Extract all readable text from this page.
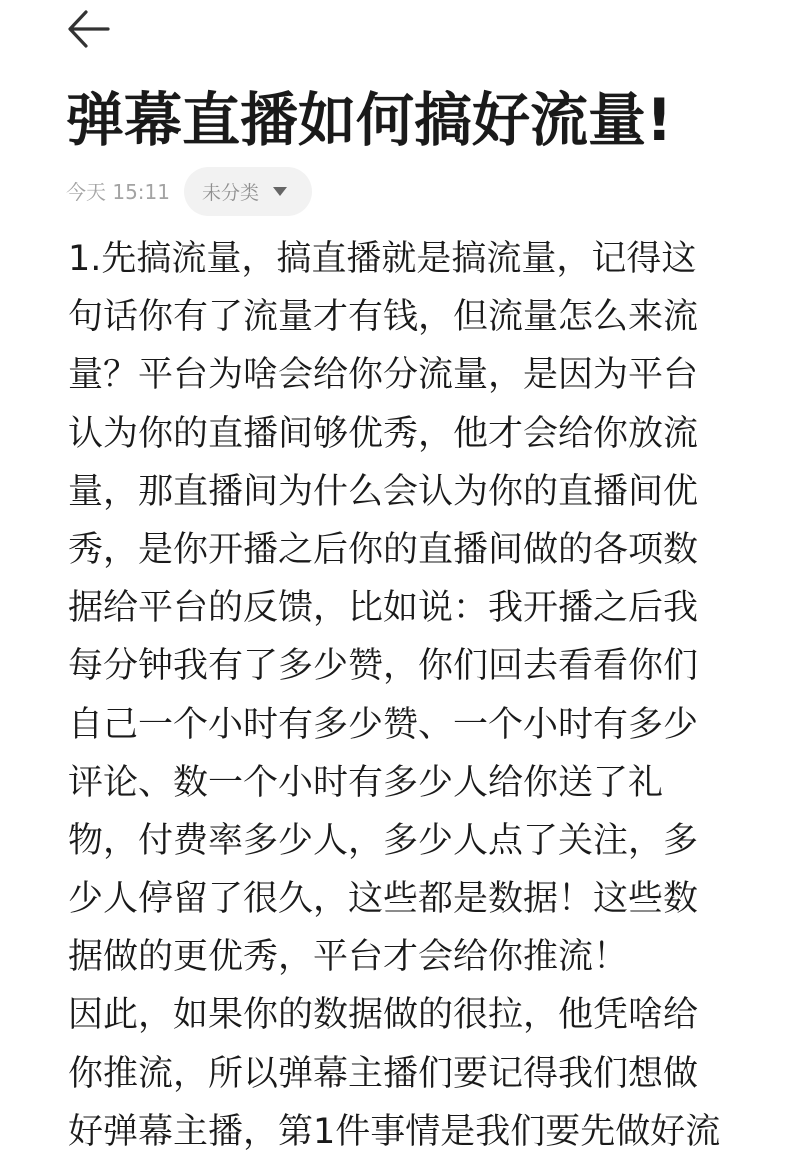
弹幕直播如何搞好流量!
今天 15:11 未分类
1.先搞流量，搞直播就是搞流量，记得这
句话你有了流量才有钱，但流量怎么来流
量？平台为啥会给你分流量，是因为平台
认为你的直播间够优秀，他才会给你放流
量，那直播间为什么会认为你的直播间优
秀，是你开播之后你的直播间做的各项数
据给平台的反馈，比如说：我开播之后我
每分钟我有了多少赞，你们回去看看你们
自己一个小时有多少赞、一个小时有多少
评论、数一个小时有多少人给你送了礼
物，付费率多少人，多少人点了关注，多
少人停留了很久，这些都是数据！这些数
据做的更优秀，平台才会给你推流！
因此，如果你的数据做的很拉，他凭啥给
你推流，所以弹幕主播们要记得我们想做
好弹幕主播，第1件事情是我们要先做好流
